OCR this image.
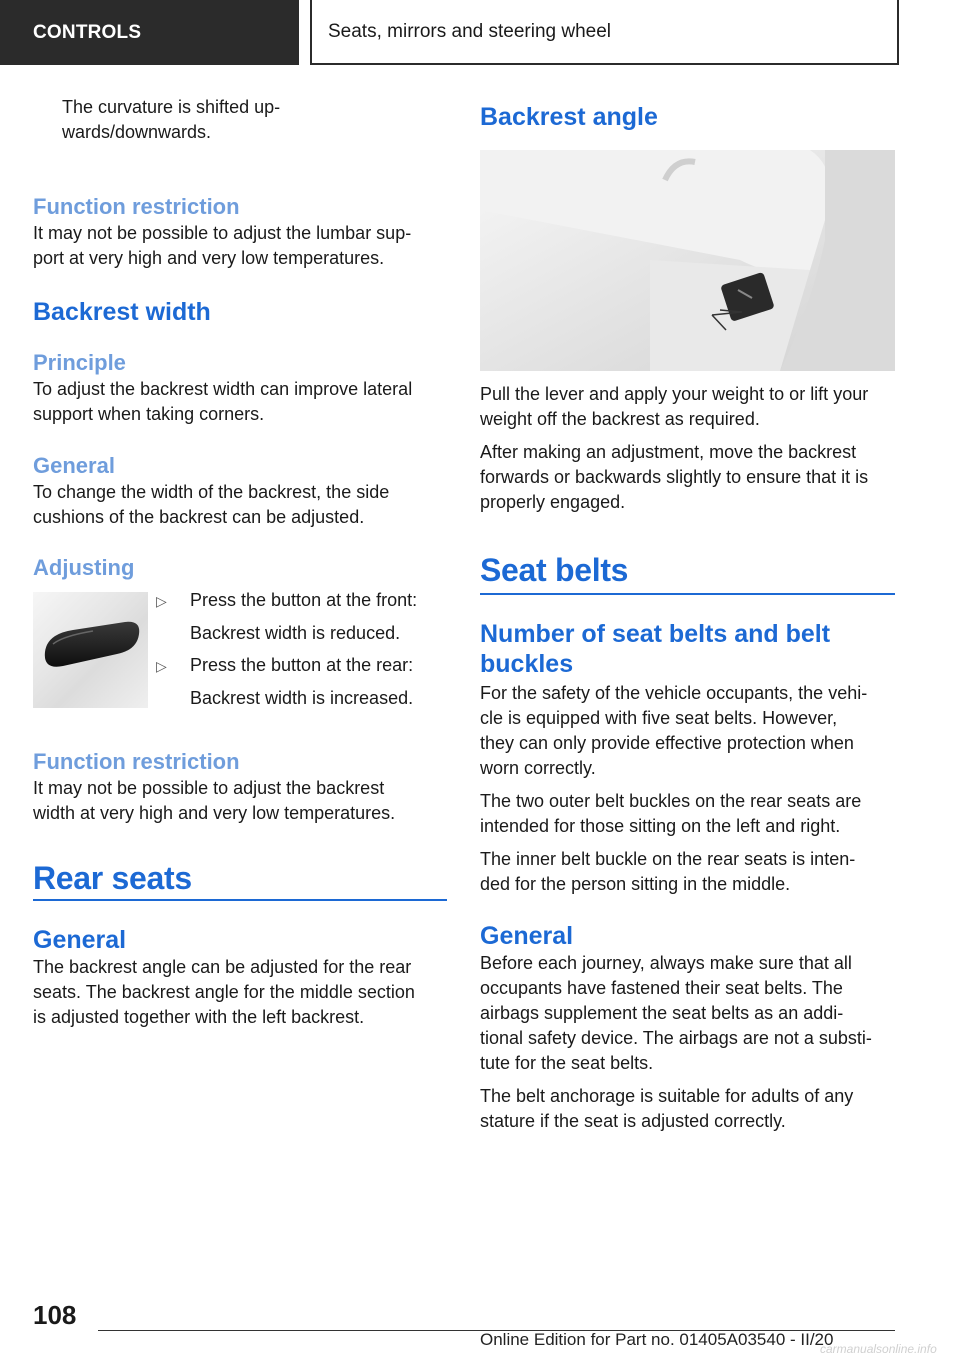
CONTROLS	Seats, mirrors and steering wheel

The curvature is shifted up-
wards/downwards.

Function restriction

It may not be possible to adjust the lumbar sup-
port at very high and very low temperatures.

Backrest width
Principle

To adjust the backrest width can improve lateral
support when taking corners.

General

To change the width of the backrest, the side
cushions of the backrest can be adjusted.

Adjusting
▷	Press the button at the front:
Backrest width is reduced.
▷	Press the button at the rear:
Backrest width is increased.
Function restriction

It may not be possible to adjust the backrest
width at very high and very low temperatures.

Rear seats
General

The backrest angle can be adjusted for the rear
seats. The backrest angle for the middle section
is adjusted together with the left backrest.

Backrest angle

Pull the lever and apply your weight to or lift your
weight off the backrest as required.

After making an adjustment, move the backrest
forwards or backwards slightly to ensure that it is
properly engaged.

Seat belts
Number of seat belts and belt
buckles

For the safety of the vehicle occupants, the vehi-
cle is equipped with five seat belts. However,
they can only provide effective protection when
worn correctly.

The two outer belt buckles on the rear seats are
intended for those sitting on the left and right.

The inner belt buckle on the rear seats is inten-
ded for the person sitting in the middle.

General

Before each journey, always make sure that all
occupants have fastened their seat belts. The
airbags supplement the seat belts as an addi-
tional safety device. The airbags are not a substi-
tute for the seat belts.

The belt anchorage is suitable for adults of any
stature if the seat is adjusted correctly.

108
Online Edition for Part no. 01405A03540 - II/20
carmanualsonline.info
